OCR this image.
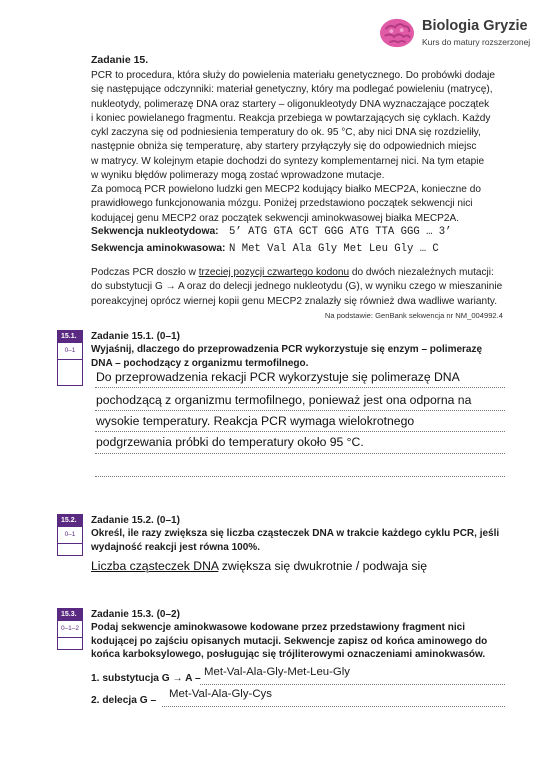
Biologia Gryzie
Kurs do matury rozszerzonej
Zadanie 15.
PCR to procedura, która służy do powielenia materiału genetycznego. Do probówki dodaje
się następujące odczynniki: materiał genetyczny, który ma podlegać powieleniu (matrycę),
nukleotydy, polimerazę DNA oraz startery – oligonukleotydy DNA wyznaczające początek
i koniec powielanego fragmentu. Reakcja przebiega w powtarzających się cyklach. Każdy
cykl zaczyna się od podniesienia temperatury do ok. 95 °C, aby nici DNA się rozdzieliły,
następnie obniża się temperaturę, aby startery przyłączyły się do odpowiednich miejsc
w matrycy. W kolejnym etapie dochodzi do syntezy komplementarnej nici. Na tym etapie
w wyniku błędów polimerazy mogą zostać wprowadzone mutacje.
Za pomocą PCR powielono ludzki gen MECP2 kodujący białko MECP2A, konieczne do
prawidłowego funkcjonowania mózgu. Poniżej przedstawiono początek sekwencji nici
kodującej genu MECP2 oraz początek sekwencji aminokwasowej białka MECP2A.
Sekwencja nukleotydowa: 5’ ATG GTA GCT GGG ATG TTA GGG … 3’
Sekwencja aminokwasowa: N Met Val Ala Gly Met Leu Gly … C
Podczas PCR doszło w trzeciej pozycji czwartego kodonu do dwóch niezależnych mutacji:
do substytucji G → A oraz do delecji jednego nukleotydu (G), w wyniku czego w mieszaninie
poreakcyjnej oprócz wiernej kopii genu MECP2 znalazły się również dwa wadliwe warianty.
Na podstawie: GenBank sekwencja nr NM_004992.4
15.1.
0–1
Zadanie 15.1. (0–1)
Wyjaśnij, dlaczego do przeprowadzenia PCR wykorzystuje się enzym – polimerazę
DNA – pochodzący z organizmu termofilnego.
Do przeprowadzenia rekacji PCR wykorzystuje się polimerazę DNA
pochodzącą z organizmu termofilnego, ponieważ jest ona odporna na
wysokie temperatury. Reakcja PCR wymaga wielokrotnego
podgrzewania próbki do temperatury około 95 °C.
15.2.
0–1
Zadanie 15.2. (0–1)
Określ, ile razy zwiększa się liczba cząsteczek DNA w trakcie każdego cyklu PCR, jeśli
wydajność reakcji jest równa 100%.
Liczba cząsteczek DNA zwiększa się dwukrotnie / podwaja się
15.3.
0–1–2
Zadanie 15.3. (0–2)
Podaj sekwencje aminokwasowe kodowane przez przedstawiony fragment nici
kodującej po zajściu opisanych mutacji. Sekwencje zapisz od końca aminowego do
końca karboksylowego, posługując się trójliterowymi oznaczeniami aminokwasów.
1. substytucja G → A –
Met-Val-Ala-Gly-Met-Leu-Gly
2. delecja G –
Met-Val-Ala-Gly-Cys
